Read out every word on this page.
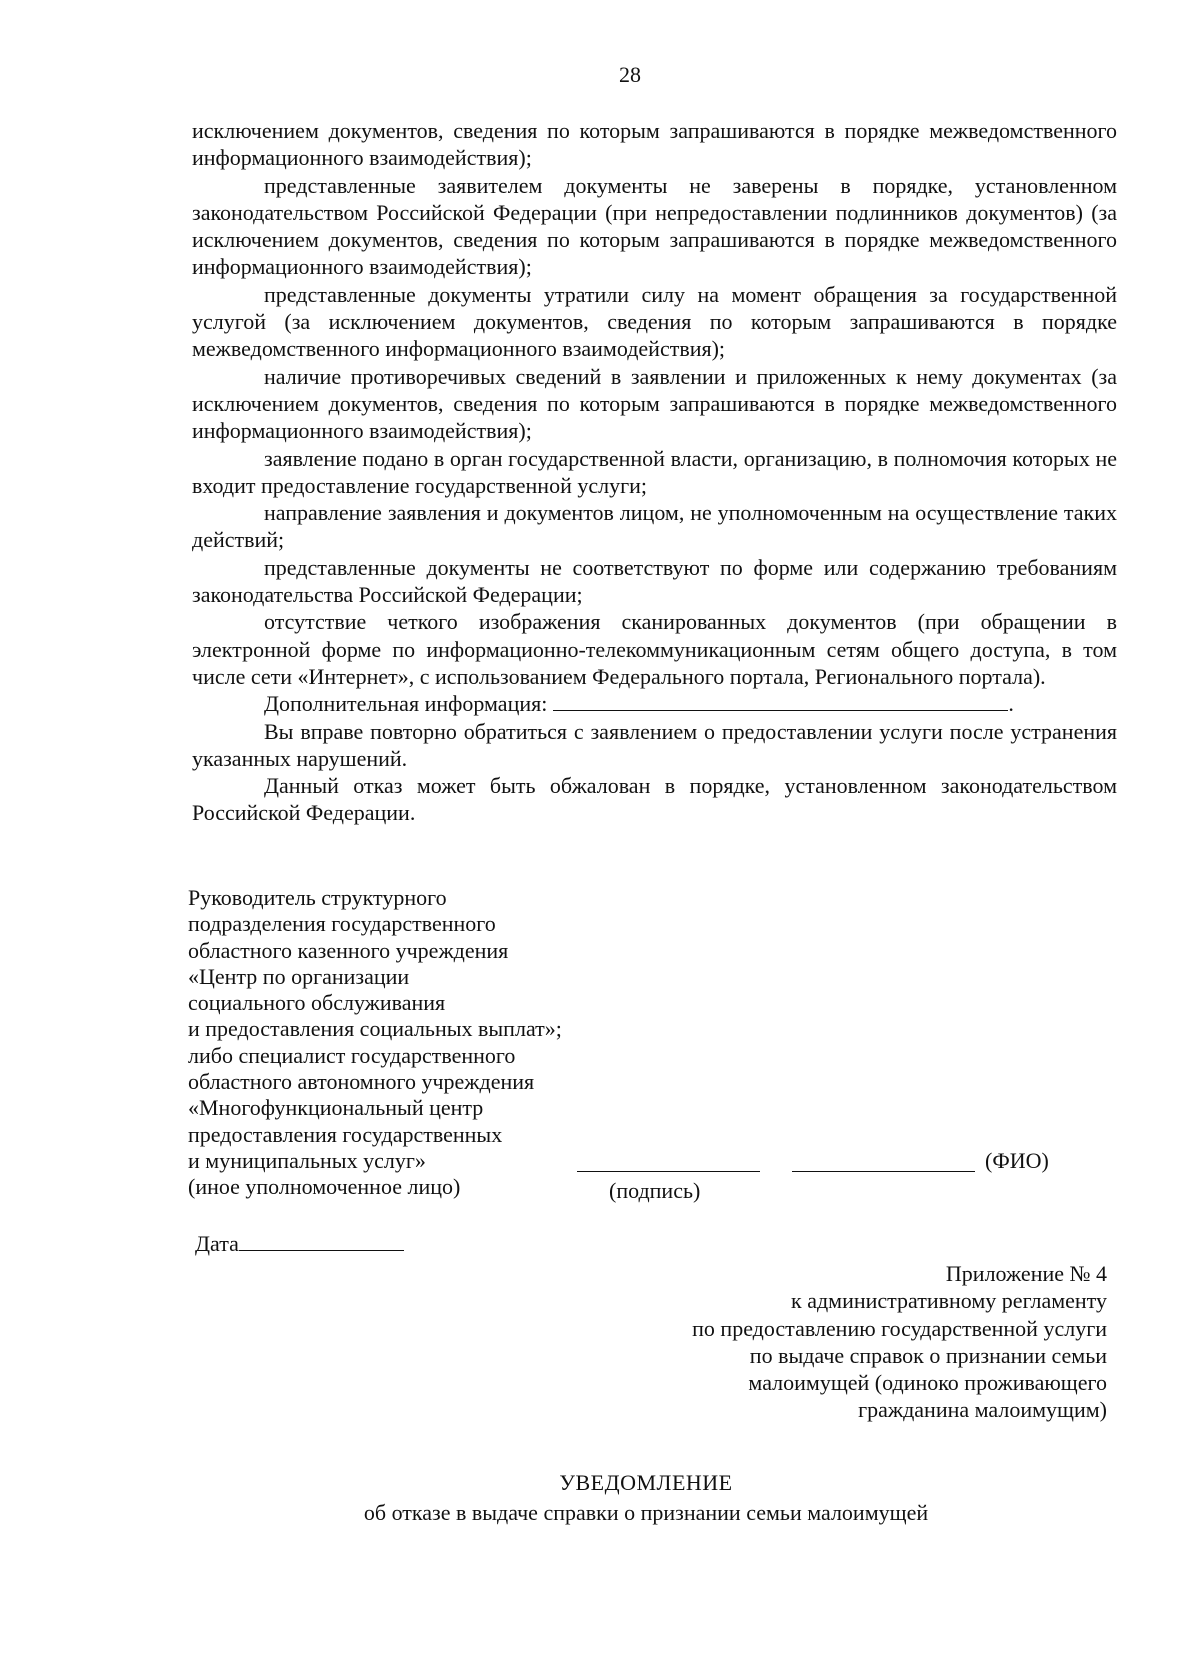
28

исключением документов, сведения по которым запрашиваются в порядке межведомственного информационного взаимодействия);

представленные заявителем документы не заверены в порядке, установленном законодательством Российской Федерации (при непредоставлении подлинников документов) (за исключением документов, сведения по которым запрашиваются в порядке межведомственного информационного взаимодействия);

представленные документы утратили силу на момент обращения за государственной услугой (за исключением документов, сведения по которым запрашиваются в порядке межведомственного информационного взаимодействия);

наличие противоречивых сведений в заявлении и приложенных к нему документах (за исключением документов, сведения по которым запрашиваются в порядке межведомственного информационного взаимодействия);

заявление подано в орган государственной власти, организацию, в полномочия которых не входит предоставление государственной услуги;

направление заявления и документов лицом, не уполномоченным на осуществление таких действий;

представленные документы не соответствуют по форме или содержанию требованиям законодательства Российской Федерации;

отсутствие четкого изображения сканированных документов (при обращении в электронной форме по информационно-телекоммуникационным сетям общего доступа, в том числе сети «Интернет», с использованием Федерального портала, Регионального портала).

Дополнительная информация:	.

Вы вправе повторно обратиться с заявлением о предоставлении услуги после устранения указанных нарушений.

Данный отказ может быть обжалован в порядке, установленном законодательством Российской Федерации.

Руководитель структурного
подразделения государственного
областного казенного учреждения
«Центр по организации
социального обслуживания
и предоставления социальных выплат»;
либо специалист государственного
областного автономного учреждения
«Многофункциональный центр
предоставления государственных
и муниципальных услуг»
(иное уполномоченное лицо)
(ФИО)
(подпись)
Дата
Приложение № 4
к административному регламенту
по предоставлению государственной услуги
по выдаче справок о признании семьи
малоимущей (одиноко проживающего
гражданина малоимущим)
УВЕДОМЛЕНИЕ
об отказе в выдаче справки о признании семьи малоимущей
